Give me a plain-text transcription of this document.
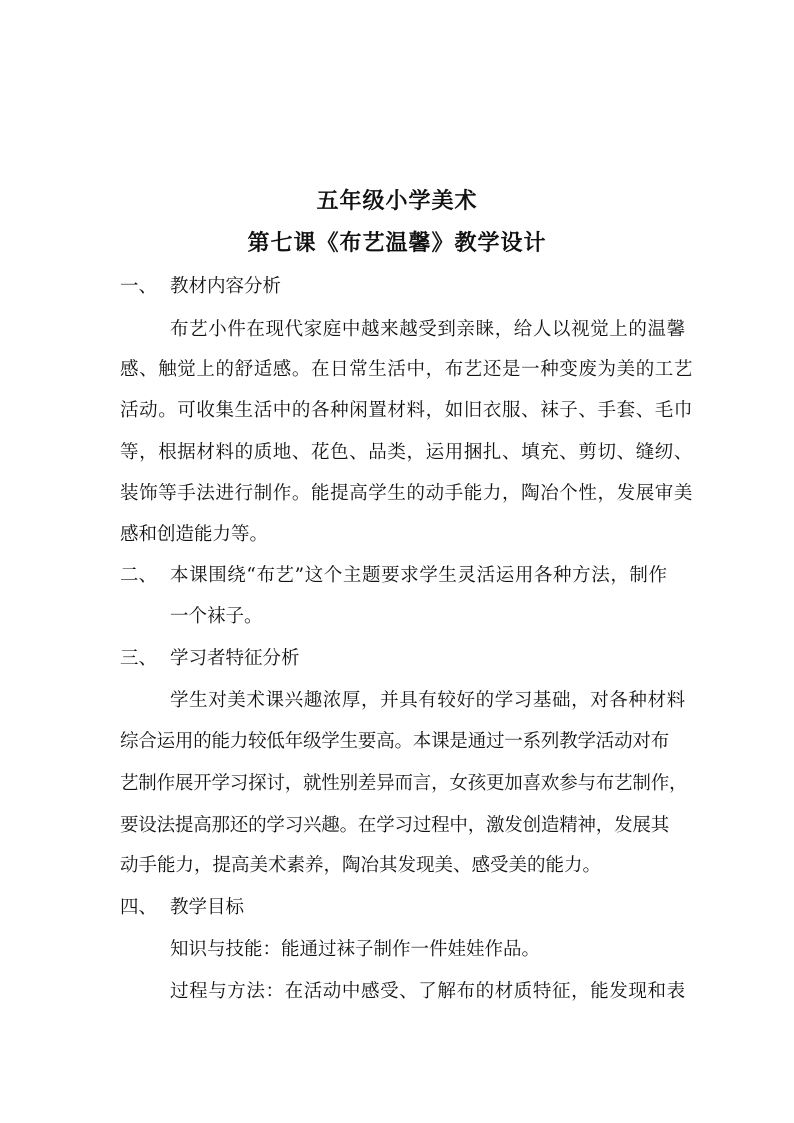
五年级小学美术
第七课《布艺温馨》教学设计
一、 教材内容分析
布艺小件在现代家庭中越来越受到亲睐，给人以视觉上的温馨
感、触觉上的舒适感。在日常生活中，布艺还是一种变废为美的工艺
活动。可收集生活中的各种闲置材料，如旧衣服、袜子、手套、毛巾
等，根据材料的质地、花色、品类，运用捆扎、填充、剪切、缝纫、
装饰等手法进行制作。能提高学生的动手能力，陶冶个性，发展审美
感和创造能力等。
二、 本课围绕“布艺”这个主题要求学生灵活运用各种方法，制作
一个袜子。
三、 学习者特征分析
学生对美术课兴趣浓厚，并具有较好的学习基础，对各种材料
综合运用的能力较低年级学生要高。本课是通过一系列教学活动对布
艺制作展开学习探讨，就性别差异而言，女孩更加喜欢参与布艺制作，
要设法提高那还的学习兴趣。在学习过程中，激发创造精神，发展其
动手能力，提高美术素养，陶冶其发现美、感受美的能力。
四、 教学目标
知识与技能：能通过袜子制作一件娃娃作品。
过程与方法：在活动中感受、了解布的材质特征，能发现和表
